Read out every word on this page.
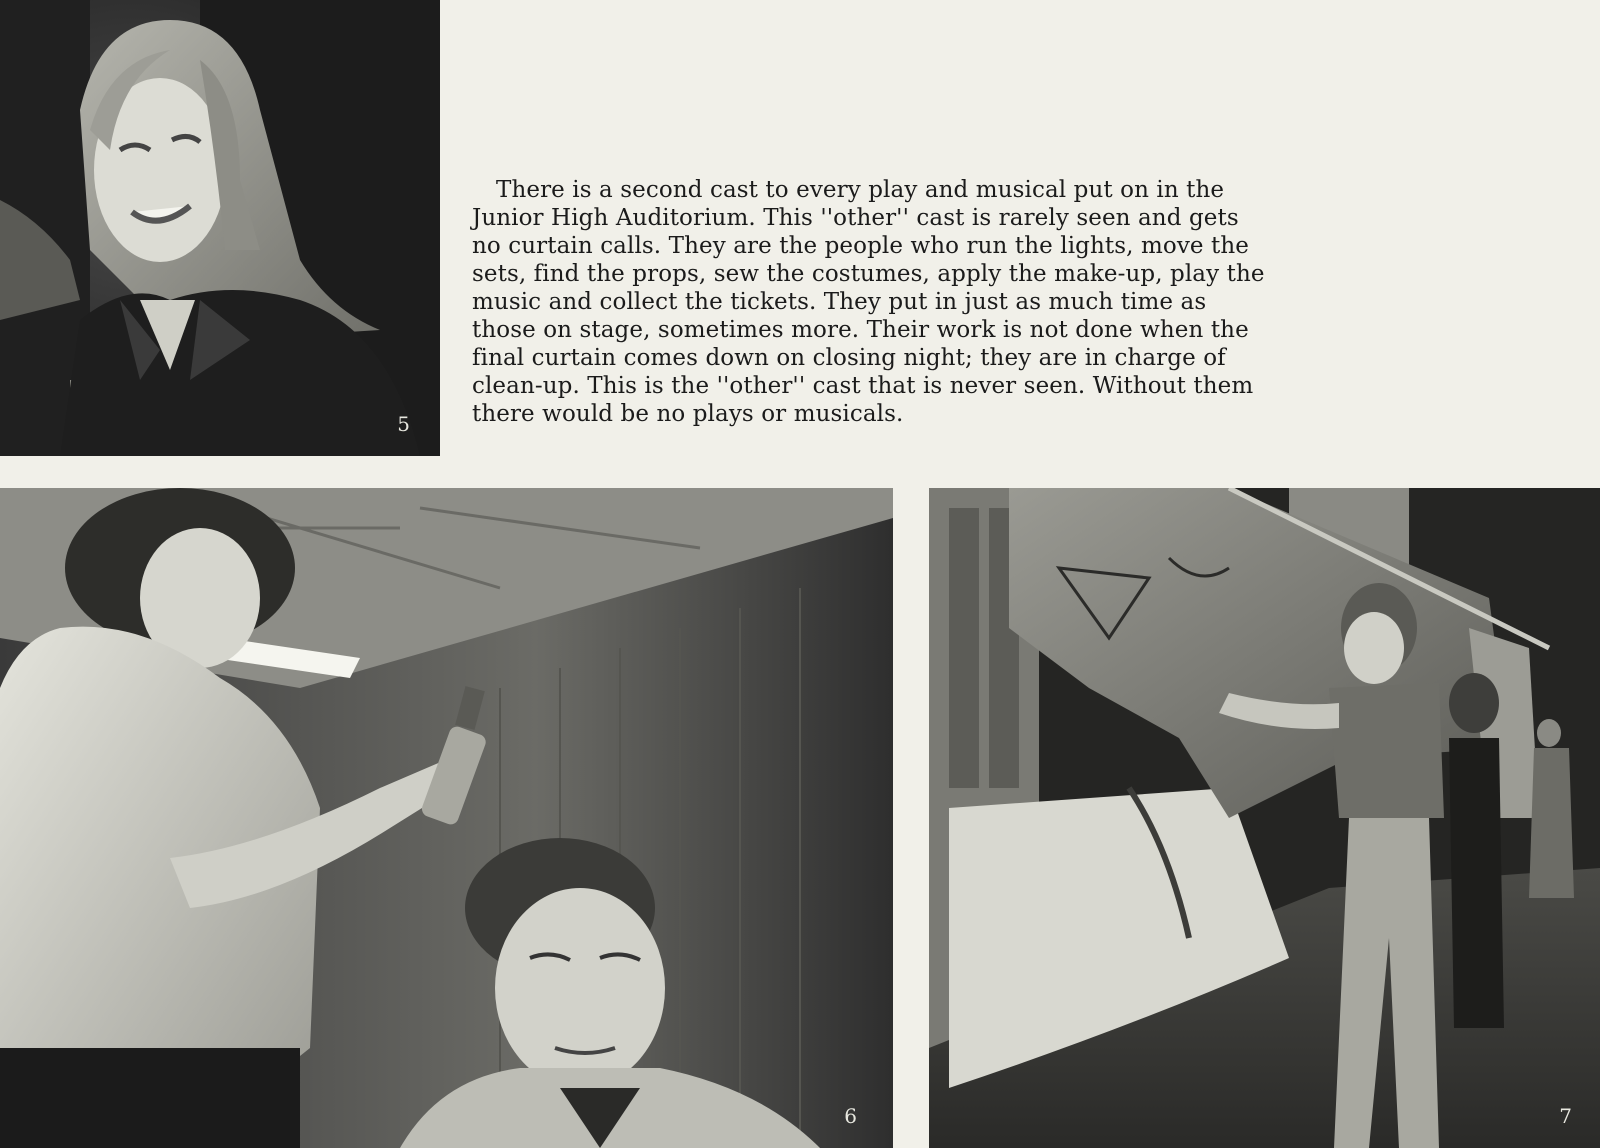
5

There is a second cast to every play and musical put on in the Junior High Auditorium. This ''other'' cast is rarely seen and gets no curtain calls. They are the people who run the lights, move the sets, find the props, sew the costumes, apply the make-up, play the music and collect the tickets. They put in just as much time as those on stage, sometimes more. Their work is not done when the final curtain comes down on closing night; they are in charge of clean-up. This is the ''other'' cast that is never seen. Without them there would be no plays or musicals.

6	7
